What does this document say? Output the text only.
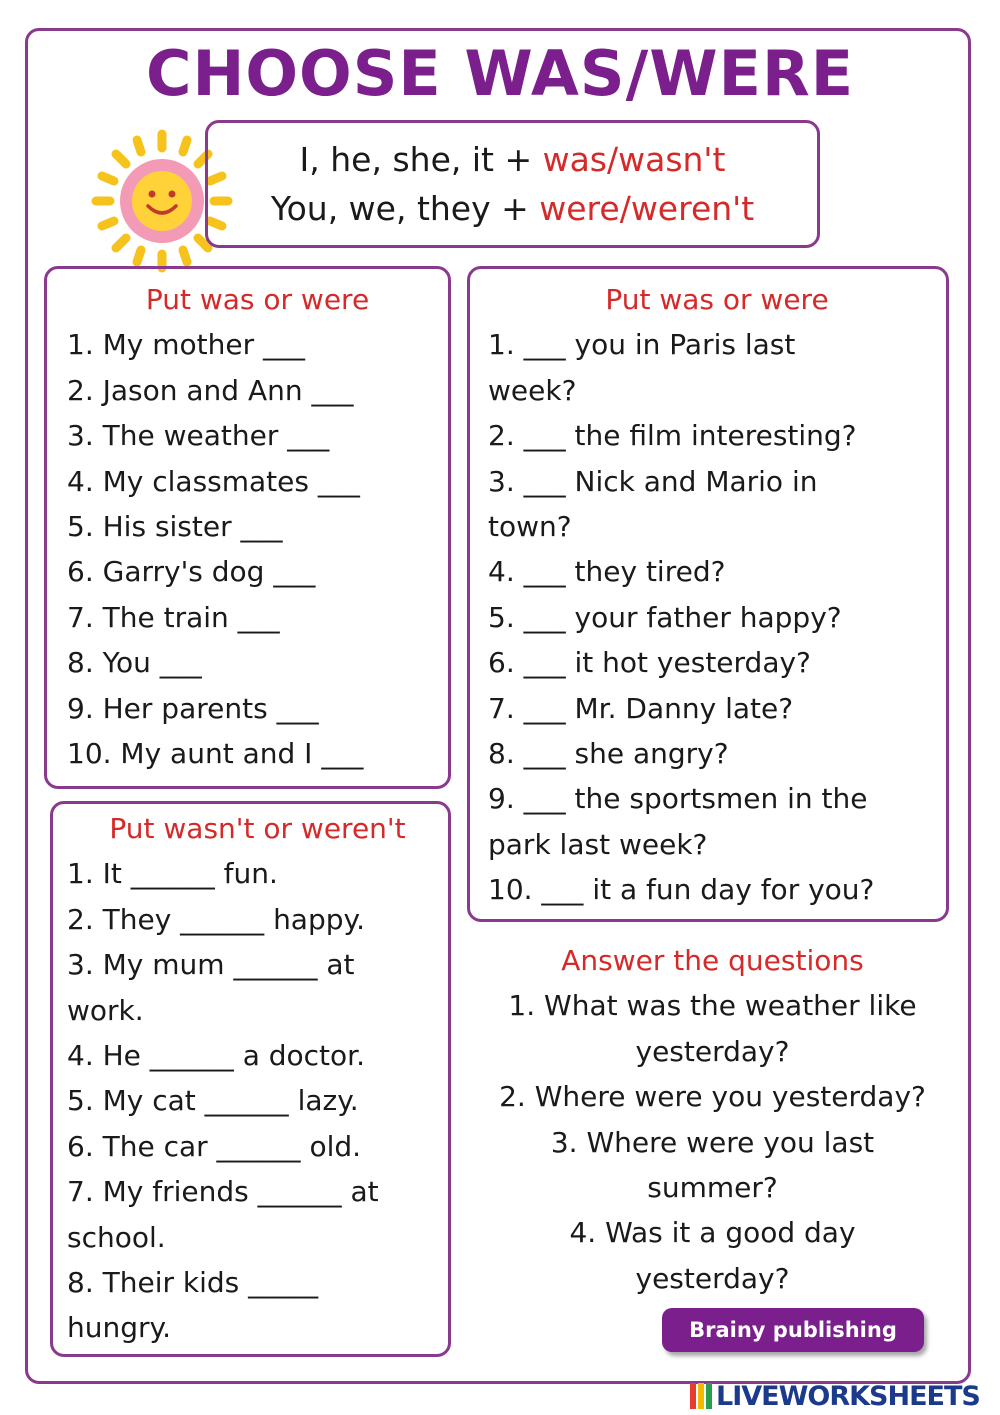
CHOOSE WAS/WERE
I, he, she, it + was/wasn't
You, we, they + were/weren't
Put was or were
1. My mother ___
2. Jason and Ann ___
3. The weather ___
4. My classmates ___
5. His sister ___
6. Garry's dog ___
7. The train ___
8. You ___
9. Her parents ___
10. My aunt and I ___
Put was or were
1. ___ you in Paris last week?
2. ___ the film interesting?
3. ___ Nick and Mario in town?
4. ___ they tired?
5. ___ your father happy?
6. ___ it hot yesterday?
7. ___ Mr. Danny late?
8. ___ she angry?
9. ___ the sportsmen in the park last week?
10. ___ it a fun day for you?
Put wasn't or weren't
1. It ______ fun.
2. They ______ happy.
3. My mum ______ at work.
4. He ______ a doctor.
5. My cat ______ lazy.
6. The car ______ old.
7. My friends ______ at school.
8. Their kids _____ hungry.
Answer the questions
1. What was the weather like yesterday?
2. Where were you yesterday?
3. Where were you last summer?
4. Was it a good day yesterday?
Brainy publishing
LIVEWORKSHEETS
